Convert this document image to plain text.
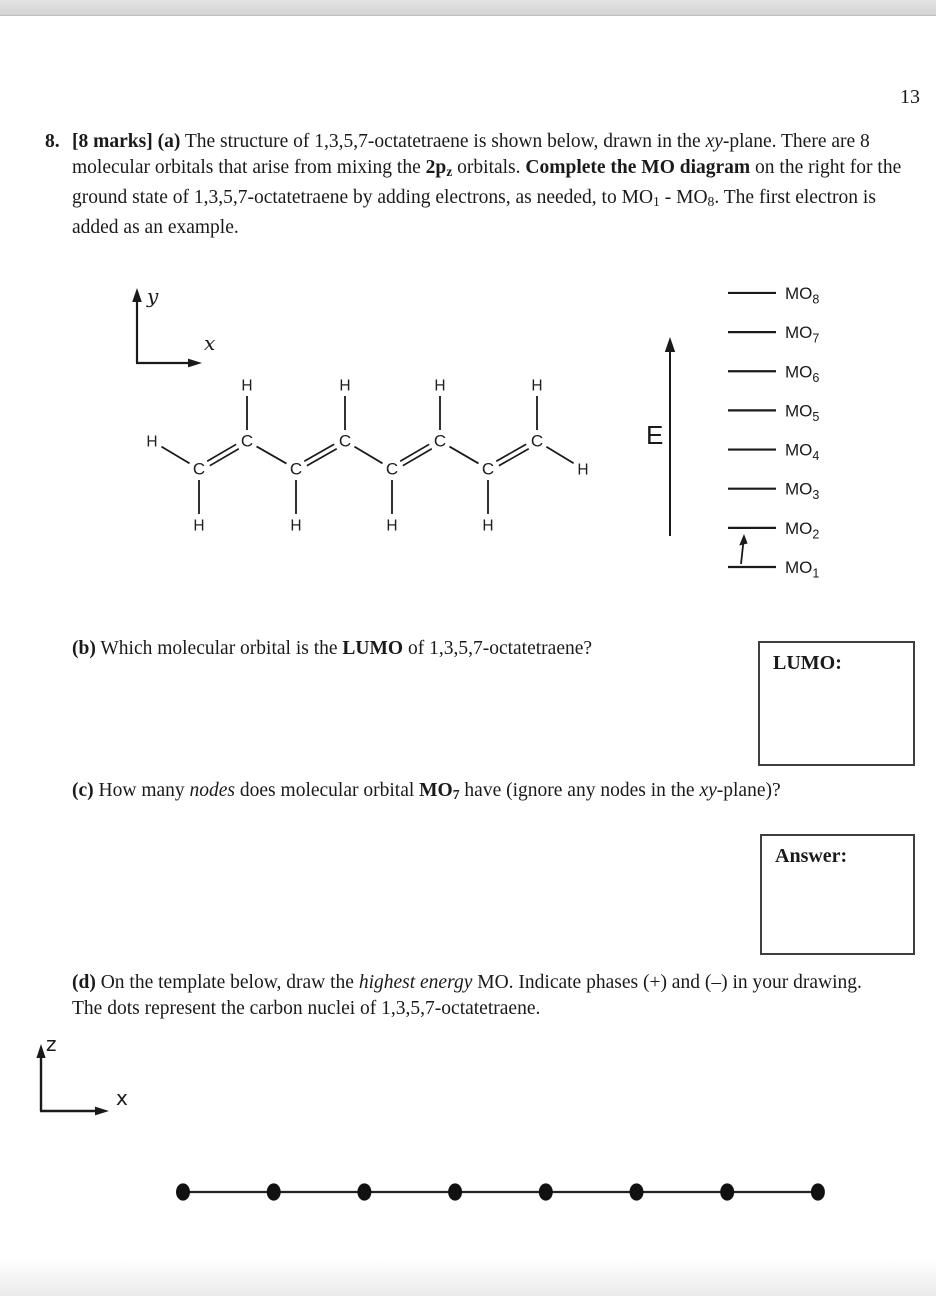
13
8. [8 marks] (a) The structure of 1,3,5,7-octatetraene is shown below, drawn in the xy-plane. There are 8 molecular orbitals that arise from mixing the 2pz orbitals. Complete the MO diagram on the right for the ground state of 1,3,5,7-octatetraene by adding electrons, as needed, to MO1 - MO8. The first electron is added as an example.
y
x
C
C
C
C
C
C
C
C
H
H
H	H	H	H
H	H	H	H
E
$MO_1$
$MO_2$
$MO_3$
$MO_4$
$MO_5$
$MO_6$
$MO_7$
$MO_8$
(b) Which molecular orbital is the LUMO of 1,3,5,7-octatetraene?
LUMO:
(c) How many nodes does molecular orbital MO7 have (ignore any nodes in the xy-plane)?
Answer:
(d) On the template below, draw the highest energy MO. Indicate phases (+) and (–) in your drawing. The dots represent the carbon nuclei of 1,3,5,7-octatetraene.
z
x
